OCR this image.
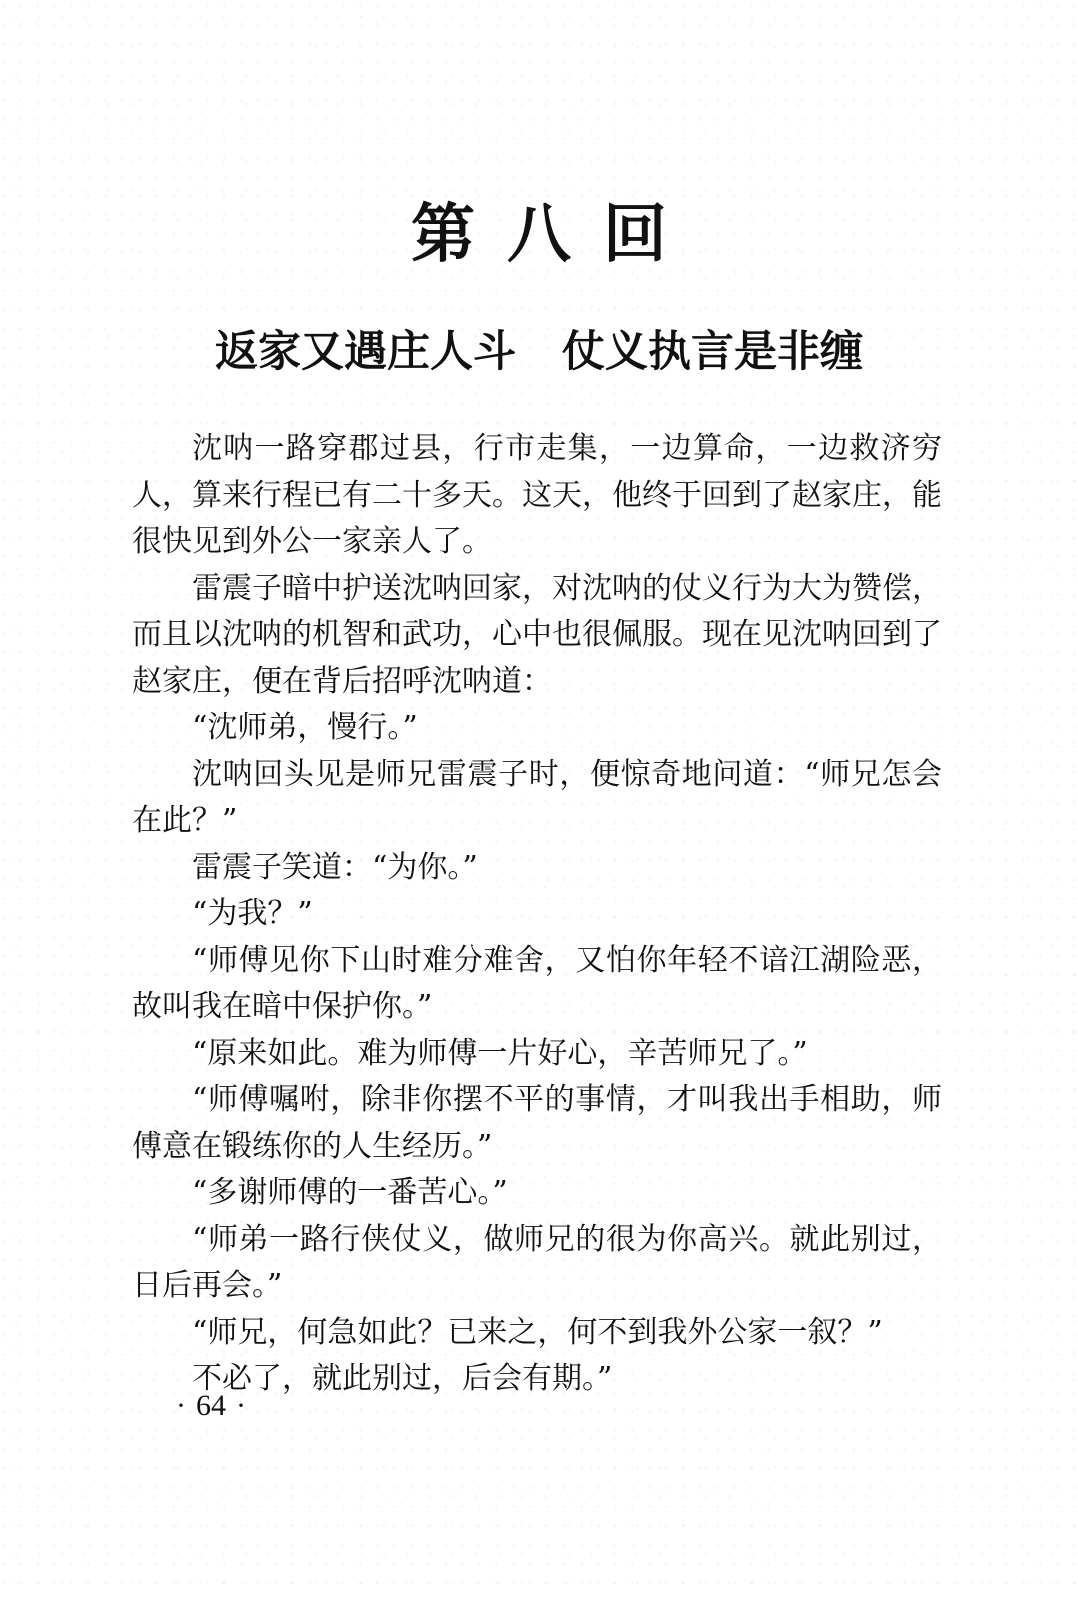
第八回
返家又遇庄人斗 仗义执言是非缠

沈呐一路穿郡过县，行市走集，一边算命，一边救济穷人，算来行程已有二十多天。这天，他终于回到了赵家庄，能很快见到外公一家亲人了。

雷震子暗中护送沈呐回家，对沈呐的仗义行为大为赞偿，而且以沈呐的机智和武功，心中也很佩服。现在见沈呐回到了赵家庄，便在背后招呼沈呐道：

“沈师弟，慢行。”

沈呐回头见是师兄雷震子时，便惊奇地问道：“师兄怎会在此？”

雷震子笑道：“为你。”

“为我？”

“师傅见你下山时难分难舍，又怕你年轻不谙江湖险恶，故叫我在暗中保护你。”

“原来如此。难为师傅一片好心，辛苦师兄了。”

“师傅嘱咐，除非你摆不平的事情，才叫我出手相助，师傅意在锻练你的人生经历。”

“多谢师傅的一番苦心。”

“师弟一路行侠仗义，做师兄的很为你高兴。就此别过，日后再会。”

“师兄，何急如此？已来之，何不到我外公家一叙？”

不必了，就此别过，后会有期。”

· 64 ·
